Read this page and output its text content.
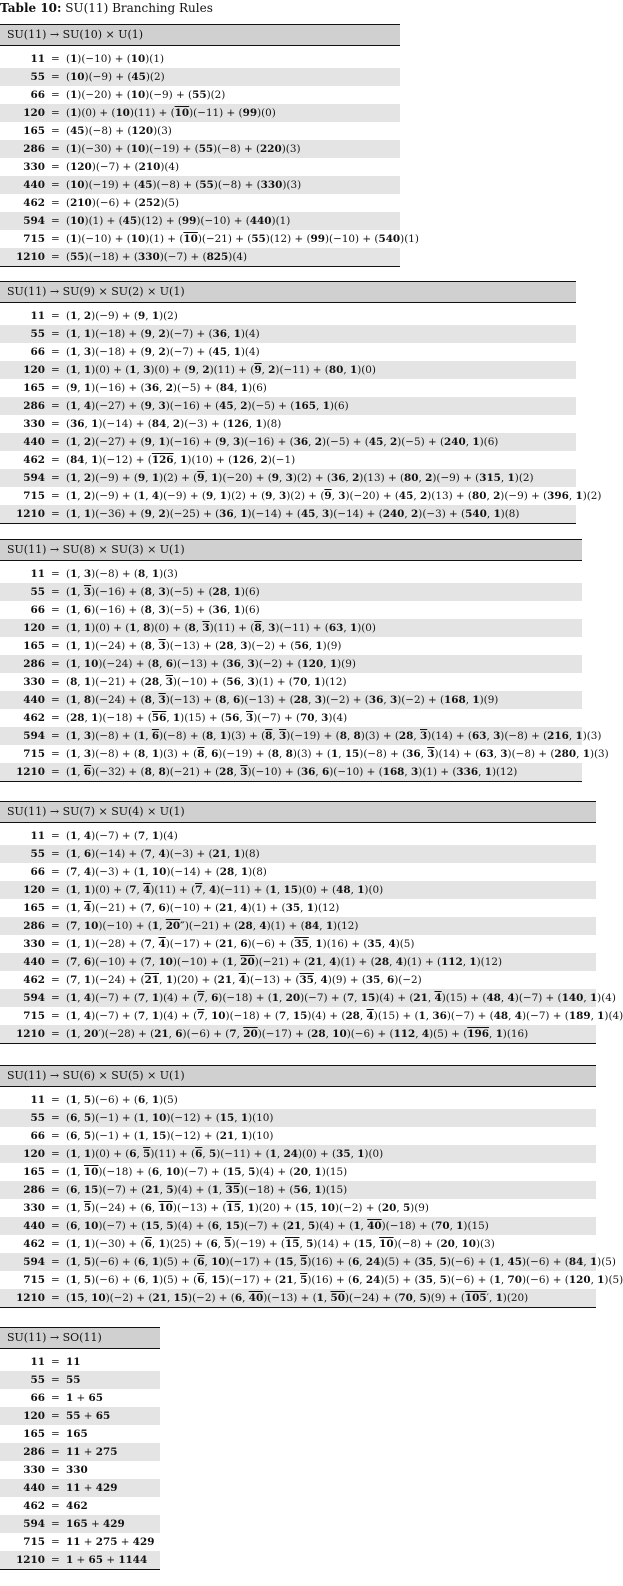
Table 10: SU(11) Branching Rules
SU(11) → SU(10) × U(1)
11 = (1)(−10) + (10)(1)
55 = (10)(−9) + (45)(2)
66 = (1)(−20) + (10)(−9) + (55)(2)
120 = (1)(0) + (10)(11) + (10)(−11) + (99)(0)
165 = (45)(−8) + (120)(3)
286 = (1)(−30) + (10)(−19) + (55)(−8) + (220)(3)
330 = (120)(−7) + (210)(4)
440 = (10)(−19) + (45)(−8) + (55)(−8) + (330)(3)
462 = (210)(−6) + (252)(5)
594 = (10)(1) + (45)(12) + (99)(−10) + (440)(1)
715 = (1)(−10) + (10)(1) + (10)(−21) + (55)(12) + (99)(−10) + (540)(1)
1210 = (55)(−18) + (330)(−7) + (825)(4)
SU(11) → SU(9) × SU(2) × U(1)
11 = (1, 2)(−9) + (9, 1)(2)
55 = (1, 1)(−18) + (9, 2)(−7) + (36, 1)(4)
66 = (1, 3)(−18) + (9, 2)(−7) + (45, 1)(4)
120 = (1, 1)(0) + (1, 3)(0) + (9, 2)(11) + (9, 2)(−11) + (80, 1)(0)
165 = (9, 1)(−16) + (36, 2)(−5) + (84, 1)(6)
286 = (1, 4)(−27) + (9, 3)(−16) + (45, 2)(−5) + (165, 1)(6)
330 = (36, 1)(−14) + (84, 2)(−3) + (126, 1)(8)
440 = (1, 2)(−27) + (9, 1)(−16) + (9, 3)(−16) + (36, 2)(−5) + (45, 2)(−5) + (240, 1)(6)
462 = (84, 1)(−12) + (126, 1)(10) + (126, 2)(−1)
594 = (1, 2)(−9) + (9, 1)(2) + (9, 1)(−20) + (9, 3)(2) + (36, 2)(13) + (80, 2)(−9) + (315, 1)(2)
715 = (1, 2)(−9) + (1, 4)(−9) + (9, 1)(2) + (9, 3)(2) + (9, 3)(−20) + (45, 2)(13) + (80, 2)(−9) + (396, 1)(2)
1210 = (1, 1)(−36) + (9, 2)(−25) + (36, 1)(−14) + (45, 3)(−14) + (240, 2)(−3) + (540, 1)(8)
SU(11) → SU(8) × SU(3) × U(1)
11 = (1, 3)(−8) + (8, 1)(3)
55 = (1, 3)(−16) + (8, 3)(−5) + (28, 1)(6)
66 = (1, 6)(−16) + (8, 3)(−5) + (36, 1)(6)
120 = (1, 1)(0) + (1, 8)(0) + (8, 3)(11) + (8, 3)(−11) + (63, 1)(0)
165 = (1, 1)(−24) + (8, 3)(−13) + (28, 3)(−2) + (56, 1)(9)
286 = (1, 10)(−24) + (8, 6)(−13) + (36, 3)(−2) + (120, 1)(9)
330 = (8, 1)(−21) + (28, 3)(−10) + (56, 3)(1) + (70, 1)(12)
440 = (1, 8)(−24) + (8, 3)(−13) + (8, 6)(−13) + (28, 3)(−2) + (36, 3)(−2) + (168, 1)(9)
462 = (28, 1)(−18) + (56, 1)(15) + (56, 3)(−7) + (70, 3)(4)
594 = (1, 3)(−8) + (1, 6)(−8) + (8, 1)(3) + (8, 3)(−19) + (8, 8)(3) + (28, 3)(14) + (63, 3)(−8) + (216, 1)(3)
715 = (1, 3)(−8) + (8, 1)(3) + (8, 6)(−19) + (8, 8)(3) + (1, 15)(−8) + (36, 3)(14) + (63, 3)(−8) + (280, 1)(3)
1210 = (1, 6)(−32) + (8, 8)(−21) + (28, 3)(−10) + (36, 6)(−10) + (168, 3)(1) + (336, 1)(12)
SU(11) → SU(7) × SU(4) × U(1)
11 = (1, 4)(−7) + (7, 1)(4)
55 = (1, 6)(−14) + (7, 4)(−3) + (21, 1)(8)
66 = (7, 4)(−3) + (1, 10)(−14) + (28, 1)(8)
120 = (1, 1)(0) + (7, 4)(11) + (7, 4)(−11) + (1, 15)(0) + (48, 1)(0)
165 = (1, 4)(−21) + (7, 6)(−10) + (21, 4)(1) + (35, 1)(12)
286 = (7, 10)(−10) + (1, 20″)(−21) + (28, 4)(1) + (84, 1)(12)
330 = (1, 1)(−28) + (7, 4)(−17) + (21, 6)(−6) + (35, 1)(16) + (35, 4)(5)
440 = (7, 6)(−10) + (7, 10)(−10) + (1, 20)(−21) + (21, 4)(1) + (28, 4)(1) + (112, 1)(12)
462 = (7, 1)(−24) + (21, 1)(20) + (21, 4)(−13) + (35, 4)(9) + (35, 6)(−2)
594 = (1, 4)(−7) + (7, 1)(4) + (7, 6)(−18) + (1, 20)(−7) + (7, 15)(4) + (21, 4)(15) + (48, 4)(−7) + (140, 1)(4)
715 = (1, 4)(−7) + (7, 1)(4) + (7, 10)(−18) + (7, 15)(4) + (28, 4)(15) + (1, 36)(−7) + (48, 4)(−7) + (189, 1)(4)
1210 = (1, 20′)(−28) + (21, 6)(−6) + (7, 20)(−17) + (28, 10)(−6) + (112, 4)(5) + (196, 1)(16)
SU(11) → SU(6) × SU(5) × U(1)
11 = (1, 5)(−6) + (6, 1)(5)
55 = (6, 5)(−1) + (1, 10)(−12) + (15, 1)(10)
66 = (6, 5)(−1) + (1, 15)(−12) + (21, 1)(10)
120 = (1, 1)(0) + (6, 5)(11) + (6, 5)(−11) + (1, 24)(0) + (35, 1)(0)
165 = (1, 10)(−18) + (6, 10)(−7) + (15, 5)(4) + (20, 1)(15)
286 = (6, 15)(−7) + (21, 5)(4) + (1, 35)(−18) + (56, 1)(15)
330 = (1, 5)(−24) + (6, 10)(−13) + (15, 1)(20) + (15, 10)(−2) + (20, 5)(9)
440 = (6, 10)(−7) + (15, 5)(4) + (6, 15)(−7) + (21, 5)(4) + (1, 40)(−18) + (70, 1)(15)
462 = (1, 1)(−30) + (6, 1)(25) + (6, 5)(−19) + (15, 5)(14) + (15, 10)(−8) + (20, 10)(3)
594 = (1, 5)(−6) + (6, 1)(5) + (6, 10)(−17) + (15, 5)(16) + (6, 24)(5) + (35, 5)(−6) + (1, 45)(−6) + (84, 1)(5)
715 = (1, 5)(−6) + (6, 1)(5) + (6, 15)(−17) + (21, 5)(16) + (6, 24)(5) + (35, 5)(−6) + (1, 70)(−6) + (120, 1)(5)
1210 = (15, 10)(−2) + (21, 15)(−2) + (6, 40)(−13) + (1, 50)(−24) + (70, 5)(9) + (105′, 1)(20)
SU(11) → SO(11)
11 = 11
55 = 55
66 = 1 + 65
120 = 55 + 65
165 = 165
286 = 11 + 275
330 = 330
440 = 11 + 429
462 = 462
594 = 165 + 429
715 = 11 + 275 + 429
1210 = 1 + 65 + 1144
